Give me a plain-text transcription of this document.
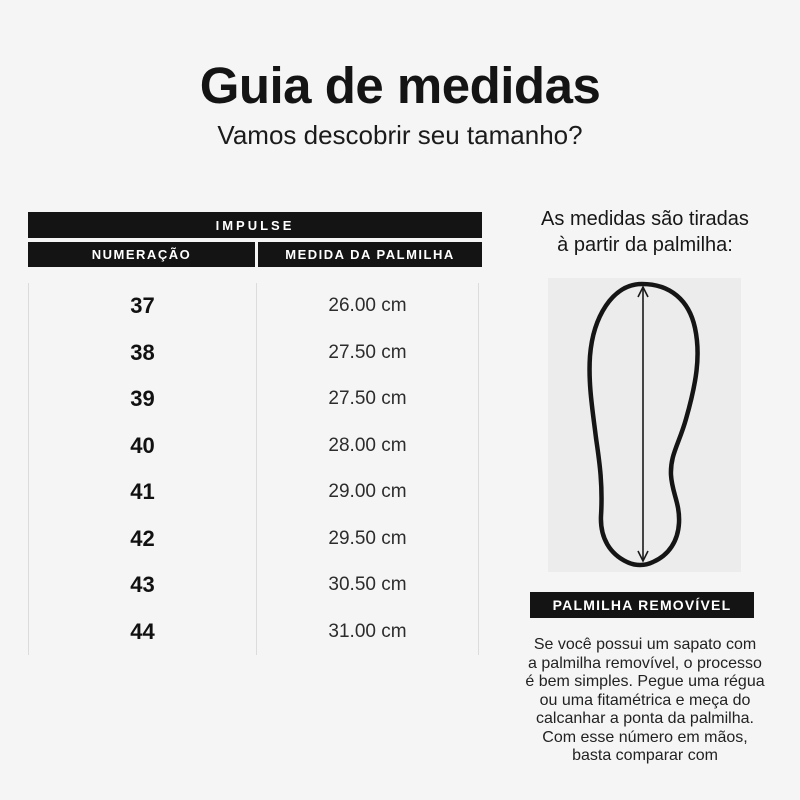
Guia de medidas
Vamos descobrir seu tamanho?
IMPULSE
NUMERAÇÃO	MEDIDA DA PALMILHA
37	26.00 cm
38	27.50 cm
39	27.50 cm
40	28.00 cm
41	29.00 cm
42	29.50 cm
43	30.50 cm
44	31.00 cm
As medidas são tiradas
à partir da palmilha:
PALMILHA REMOVÍVEL
Se você possui um sapato com
a palmilha removível, o processo
é bem simples. Pegue uma régua
ou uma fitamétrica e meça do
calcanhar a ponta da palmilha.
Com esse número em mãos,
basta comparar com
